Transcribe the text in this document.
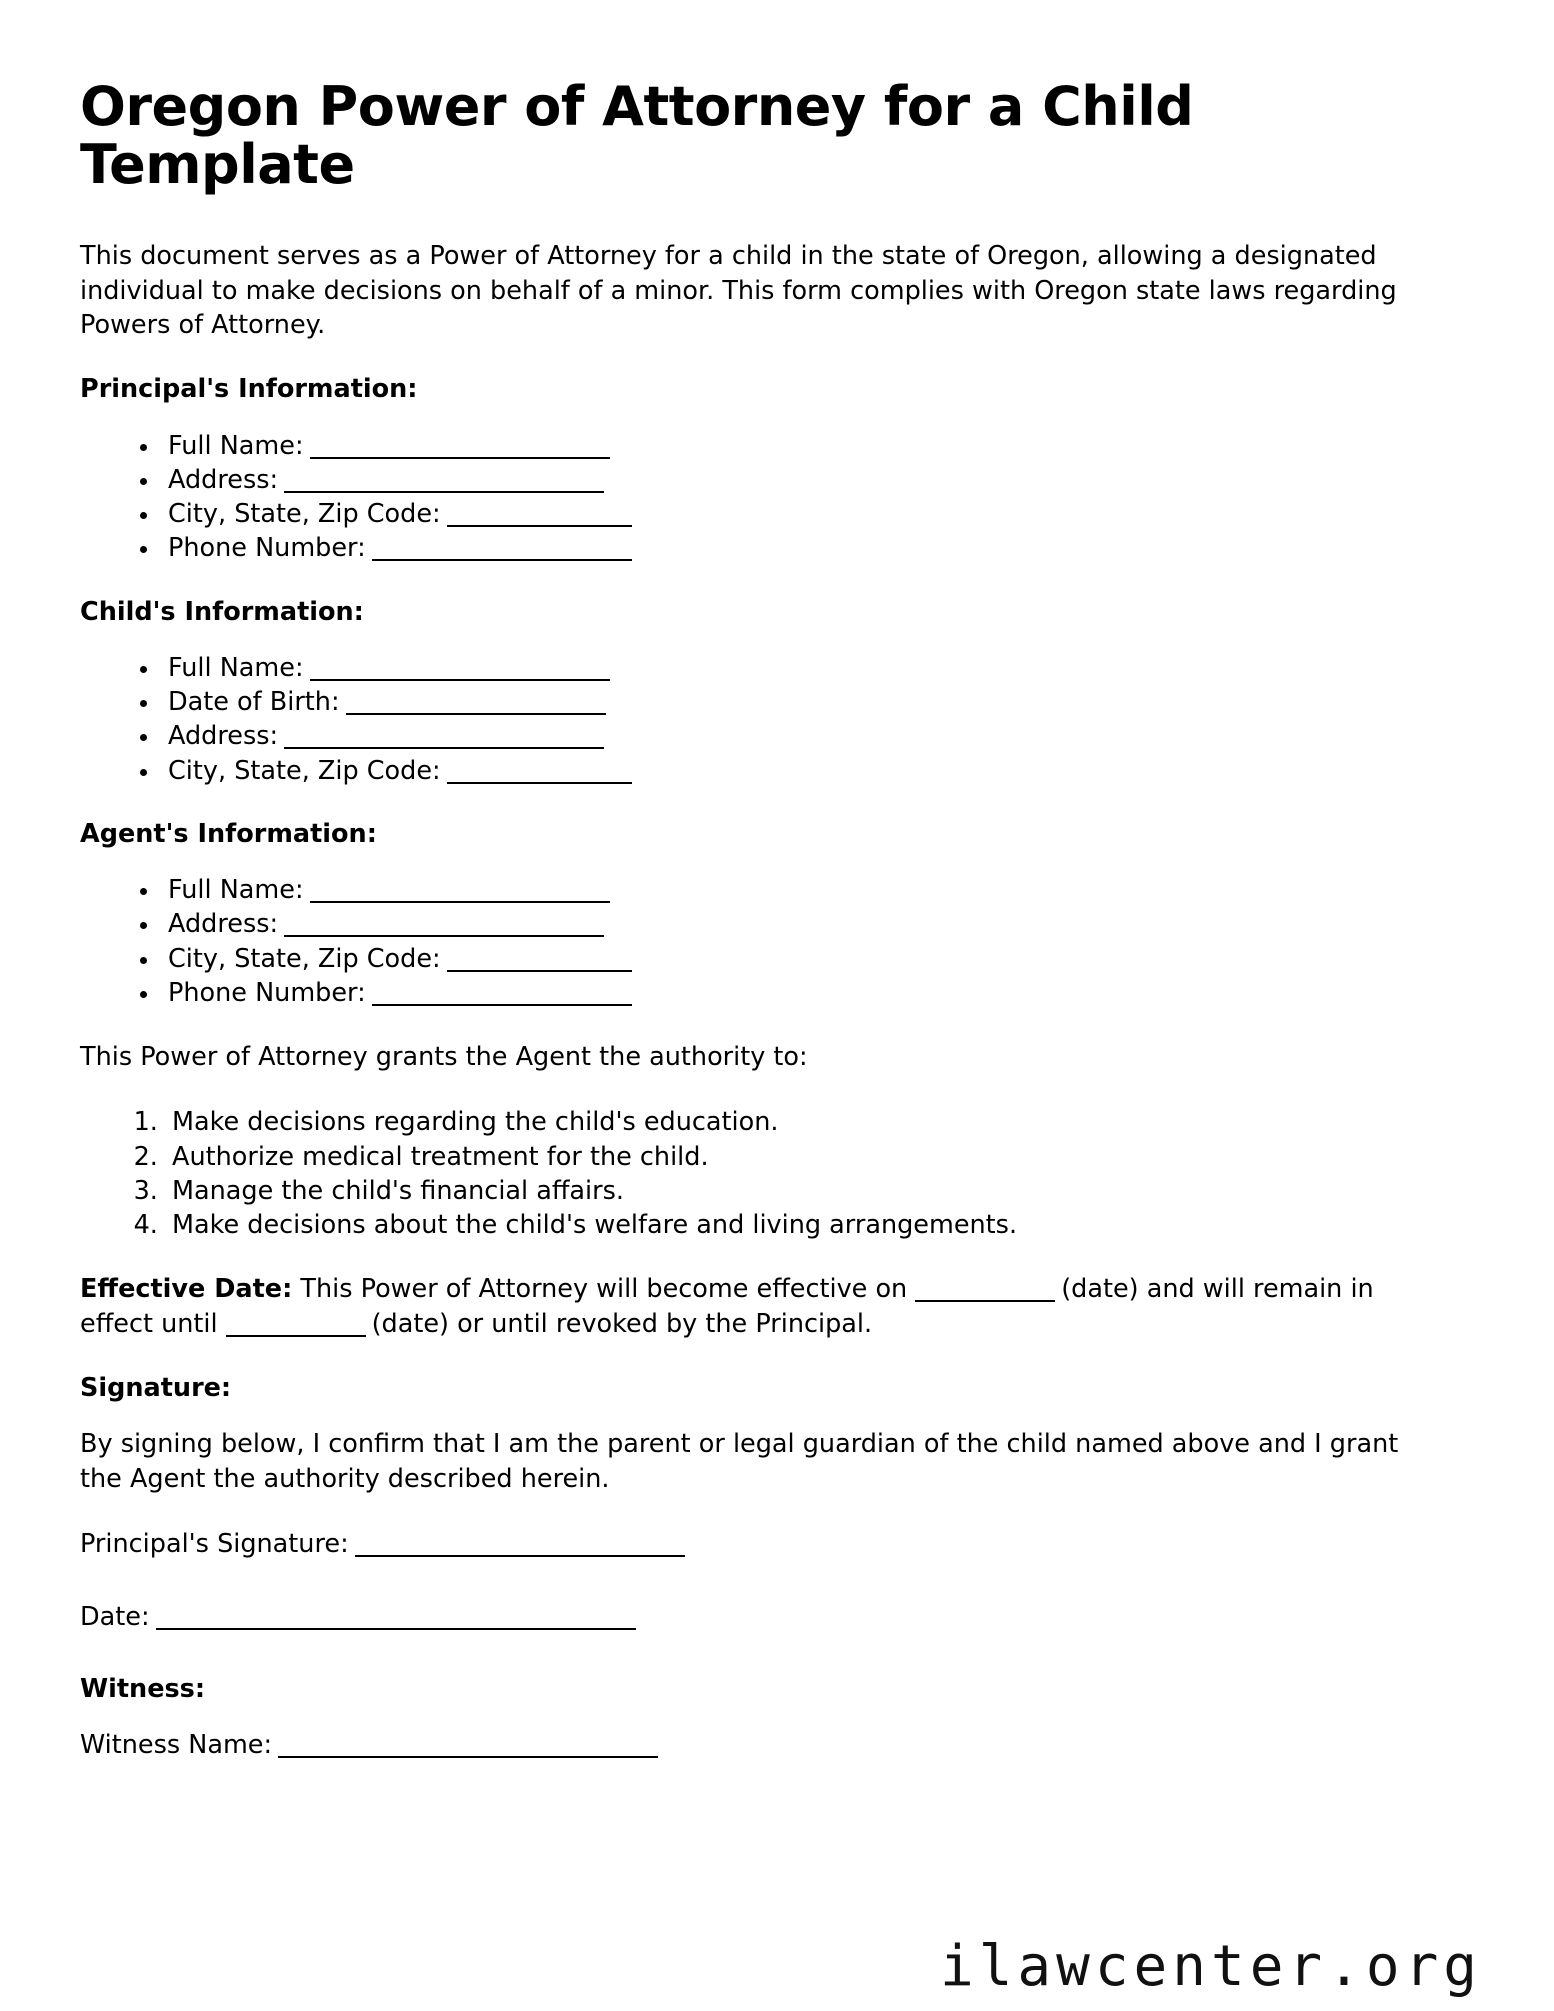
Oregon Power of Attorney for a Child Template

This document serves as a Power of Attorney for a child in the state of Oregon, allowing a designated individual to make decisions on behalf of a minor. This form complies with Oregon state laws regarding Powers of Attorney.

Principal's Information:
Full Name:
Address:
City, State, Zip Code:
Phone Number:
Child's Information:
Full Name:
Date of Birth:
Address:
City, State, Zip Code:
Agent's Information:
Full Name:
Address:
City, State, Zip Code:
Phone Number:

This Power of Attorney grants the Agent the authority to:

1. Make decisions regarding the child's education.
2. Authorize medical treatment for the child.
3. Manage the child's financial affairs.
4. Make decisions about the child's welfare and living arrangements.

Effective Date: This Power of Attorney will become effective on	(date) and will remain in effect until	(date) or until revoked by the Principal.

Signature:

By signing below, I confirm that I am the parent or legal guardian of the child named above and I grant the Agent the authority described herein.

Principal's Signature:

Date:

Witness:

Witness Name:

ilawcenter.org
